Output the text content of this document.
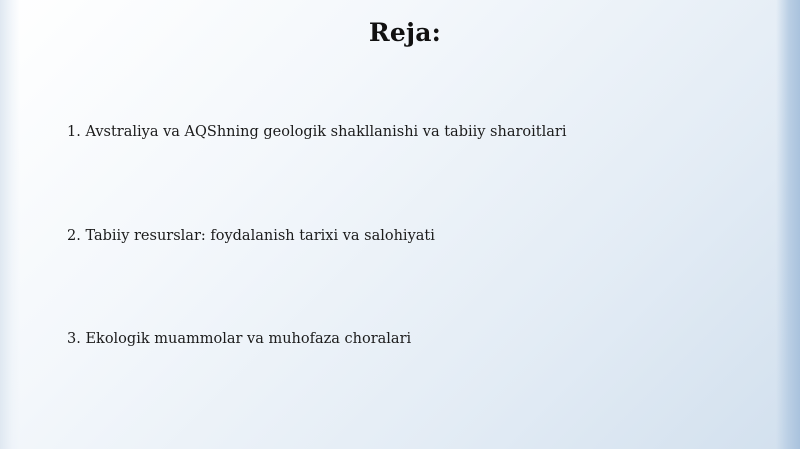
Reja:
1. Avstraliya va AQShning geologik shakllanishi va tabiiy sharoitlari
2. Tabiiy resurslar: foydalanish tarixi va salohiyati
3. Ekologik muammolar va muhofaza choralari
